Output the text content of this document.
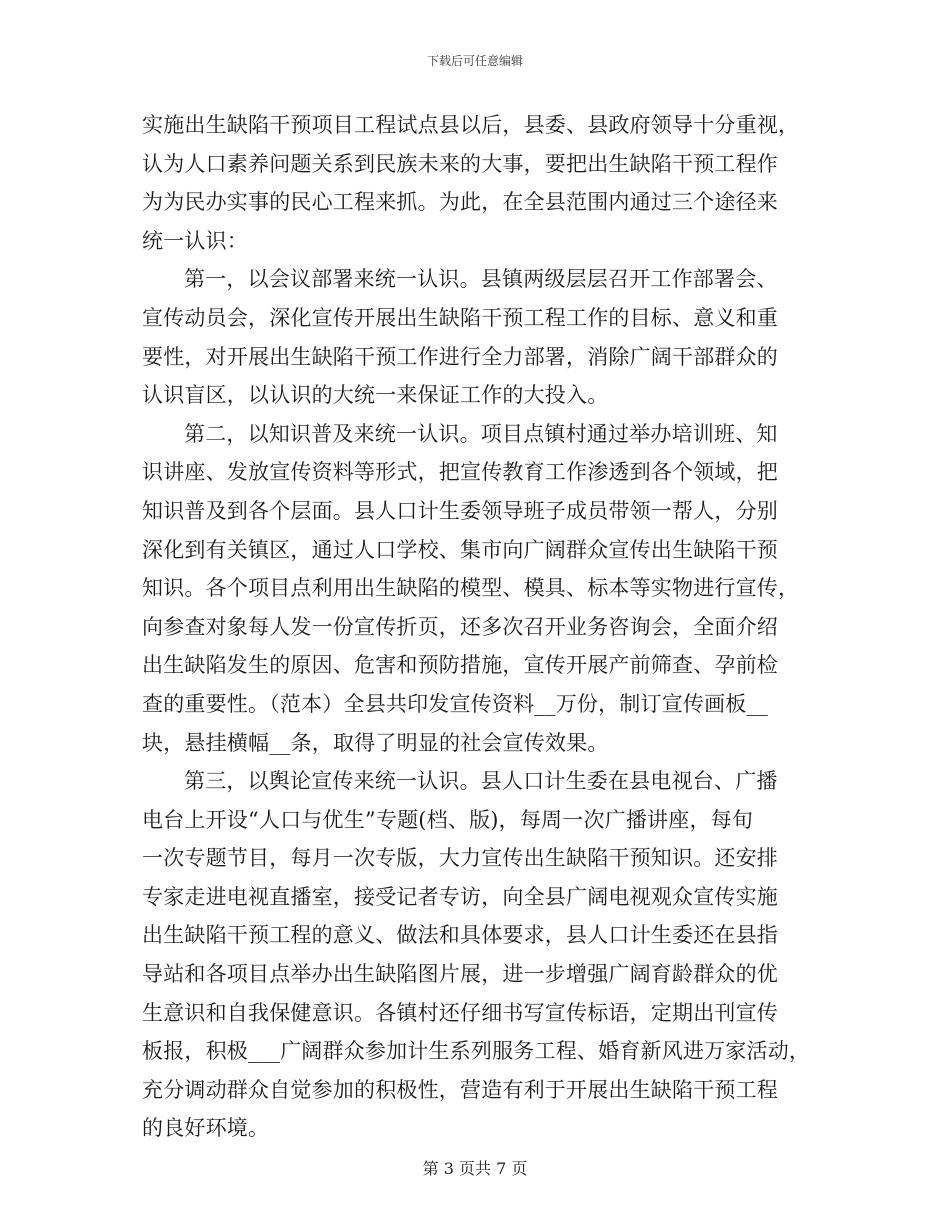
下载后可任意编辑
实施出生缺陷干预项目工程试点县以后，县委、县政府领导十分重视，
认为人口素养问题关系到民族未来的大事，要把出生缺陷干预工程作
为为民办实事的民心工程来抓。为此，在全县范围内通过三个途径来
统一认识：
第一，以会议部署来统一认识。县镇两级层层召开工作部署会、
宣传动员会，深化宣传开展出生缺陷干预工程工作的目标、意义和重
要性，对开展出生缺陷干预工作进行全力部署，消除广阔干部群众的
认识盲区，以认识的大统一来保证工作的大投入。
第二，以知识普及来统一认识。项目点镇村通过举办培训班、知
识讲座、发放宣传资料等形式，把宣传教育工作渗透到各个领域，把
知识普及到各个层面。县人口计生委领导班子成员带领一帮人，分别
深化到有关镇区，通过人口学校、集市向广阔群众宣传出生缺陷干预
知识。各个项目点利用出生缺陷的模型、模具、标本等实物进行宣传，
向参查对象每人发一份宣传折页，还多次召开业务咨询会，全面介绍
出生缺陷发生的原因、危害和预防措施，宣传开展产前筛查、孕前检
查的重要性。（范本）全县共印发宣传资料__万份，制订宣传画板__
块，悬挂横幅__条，取得了明显的社会宣传效果。
第三，以舆论宣传来统一认识。县人口计生委在县电视台、广播
电台上开设“人口与优生”专题(档、版)，每周一次广播讲座，每旬
一次专题节目，每月一次专版，大力宣传出生缺陷干预知识。还安排
专家走进电视直播室，接受记者专访，向全县广阔电视观众宣传实施
出生缺陷干预工程的意义、做法和具体要求，县人口计生委还在县指
导站和各项目点举办出生缺陷图片展，进一步增强广阔育龄群众的优
生意识和自我保健意识。各镇村还仔细书写宣传标语，定期出刊宣传
板报，积极___广阔群众参加计生系列服务工程、婚育新风进万家活动，
充分调动群众自觉参加的积极性，营造有利于开展出生缺陷干预工程
的良好环境。
第 3 页共 7 页
